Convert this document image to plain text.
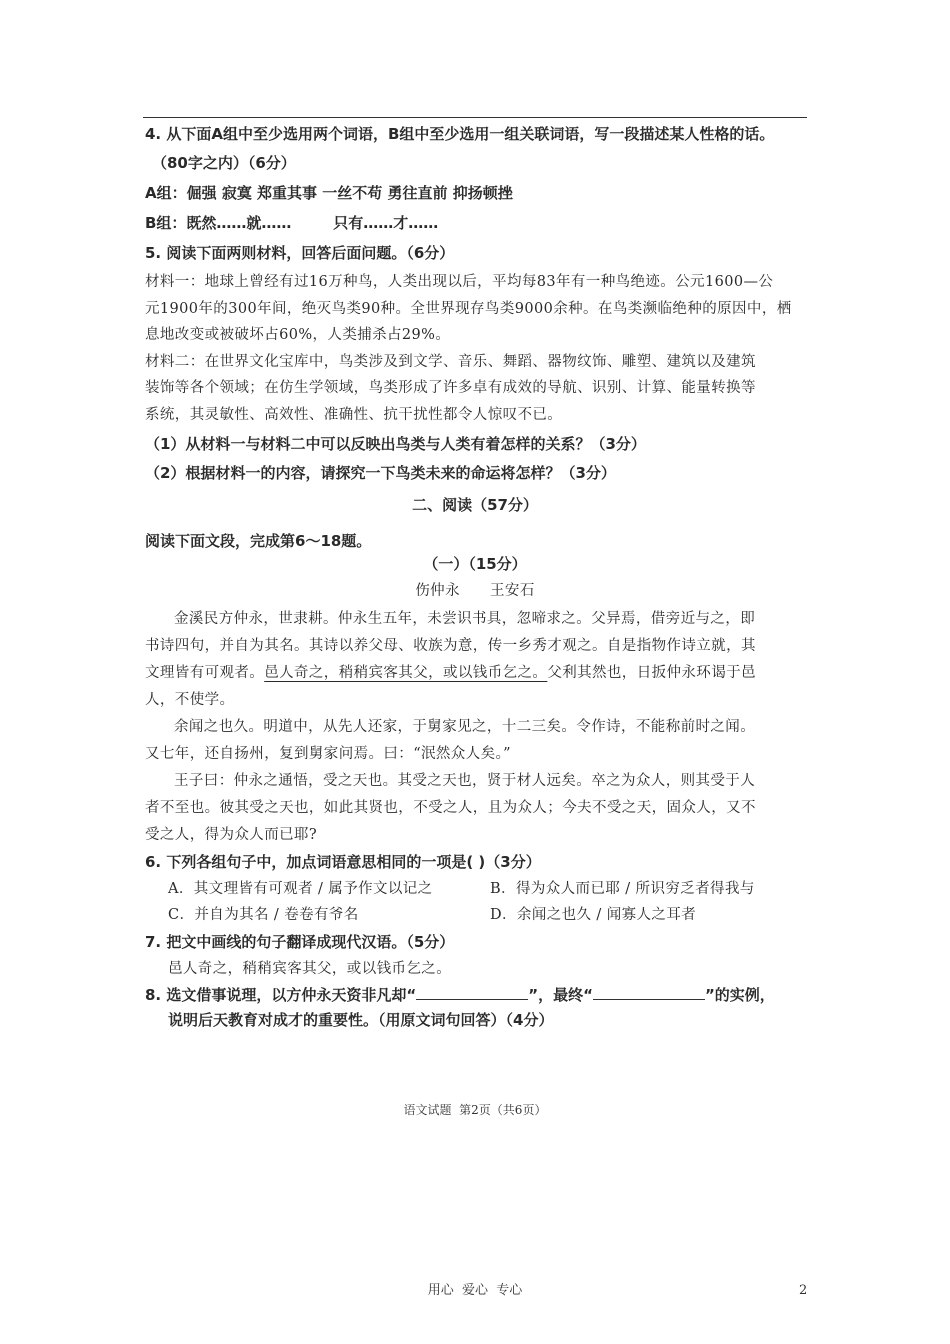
4. 从下面A组中至少选用两个词语，B组中至少选用一组关联词语，写一段描述某人性格的话。
（80字之内）（6分）
A组：倔强 寂寞 郑重其事 一丝不苟 勇往直前 抑扬顿挫
B组：既然……就……        只有……才……
5. 阅读下面两则材料，回答后面问题。（6分）
材料一：地球上曾经有过16万种鸟，人类出现以后，平均每83年有一种鸟绝迹。公元1600—公
元1900年的300年间，绝灭鸟类90种。全世界现存鸟类9000余种。在鸟类濒临绝种的原因中，栖
息地改变或被破坏占60%，人类捕杀占29%。
材料二：在世界文化宝库中，鸟类涉及到文学、音乐、舞蹈、器物纹饰、雕塑、建筑以及建筑
装饰等各个领域；在仿生学领域，鸟类形成了许多卓有成效的导航、识别、计算、能量转换等
系统，其灵敏性、高效性、准确性、抗干扰性都令人惊叹不已。
（1）从材料一与材料二中可以反映出鸟类与人类有着怎样的关系？（3分）
（2）根据材料一的内容，请探究一下鸟类未来的命运将怎样？（3分）
二、阅读（57分）
阅读下面文段，完成第6～18题。
（一）（15分）
伤仲永      王安石
金溪民方仲永，世隶耕。仲永生五年，未尝识书具，忽啼求之。父异焉，借旁近与之，即
书诗四句，并自为其名。其诗以养父母、收族为意，传一乡秀才观之。自是指物作诗立就，其
文理皆有可观者。邑人奇之，稍稍宾客其父，或以钱币乞之。父利其然也，日扳仲永环谒于邑
人，不使学。
余闻之也久。明道中，从先人还家，于舅家见之，十二三矣。令作诗，不能称前时之闻。
又七年，还自扬州，复到舅家问焉。曰：“泯然众人矣。”
王子曰：仲永之通悟，受之天也。其受之天也，贤于材人远矣。卒之为众人，则其受于人
者不至也。彼其受之天也，如此其贤也，不受之人，且为众人；今夫不受之天，固众人，又不
受之人，得为众人而已耶?
6. 下列各组句子中，加点词语意思相同的一项是( )（3分）
A．其文理皆有可观者 / 属予作文以记之	B．得为众人而已耶 / 所识穷乏者得我与
C．并自为其名 / 卷卷有爷名	D．余闻之也久 / 闻寡人之耳者
7. 把文中画线的句子翻译成现代汉语。（5分）
邑人奇之，稍稍宾客其父，或以钱币乞之。
8. 选文借事说理，以方仲永天资非凡却“	”，最终“	”的实例，
说明后天教育对成才的重要性。（用原文词句回答）（4分）
语文试题  第2页（共6页）
用心  爱心  专心	2
